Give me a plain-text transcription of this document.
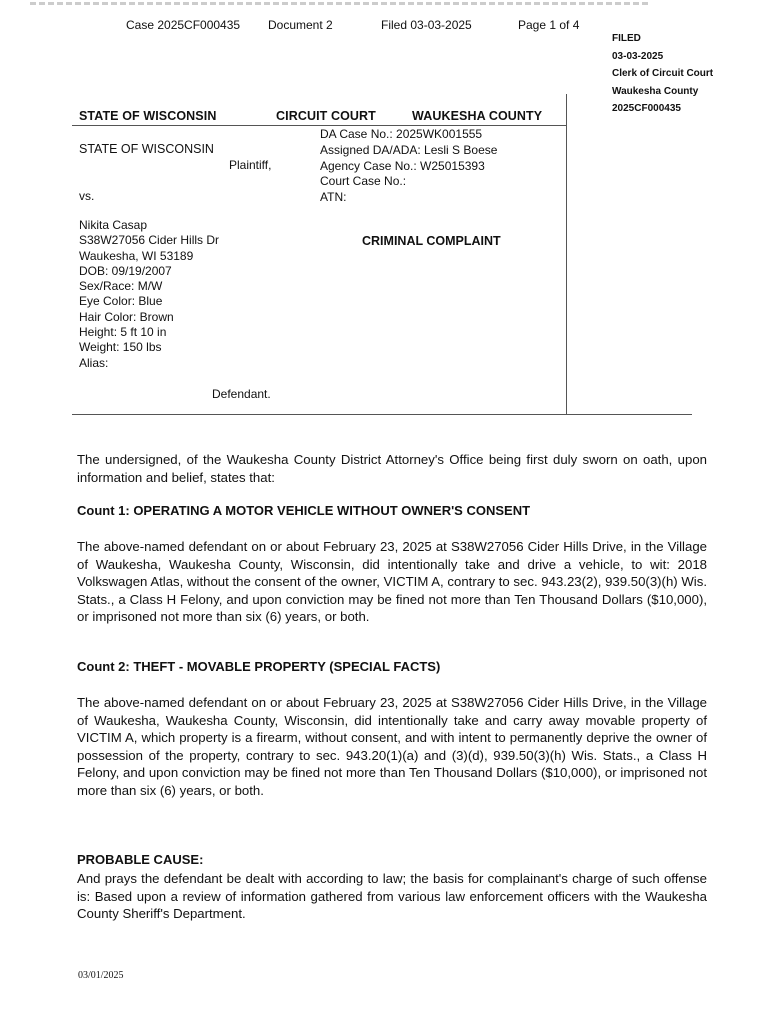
Case 2025CF000435 Document 2	Filed 03-03-2025	Page 1 of 4
FILED
03-03-2025
Clerk of Circuit Court
Waukesha County
2025CF000435
STATE OF WISCONSIN	CIRCUIT COURT	WAUKESHA COUNTY
STATE OF WISCONSIN
Plaintiff,
vs.
DA Case No.: 2025WK001555
Assigned DA/ADA: Lesli S Boese
Agency Case No.: W25015393
Court Case No.:
ATN:
CRIMINAL COMPLAINT
Nikita Casap
S38W27056 Cider Hills Dr
Waukesha, WI 53189
DOB: 09/19/2007
Sex/Race: M/W
Eye Color: Blue
Hair Color: Brown
Height: 5 ft 10 in
Weight: 150 lbs
Alias:
Defendant.
The undersigned, of the Waukesha County District Attorney's Office being first duly sworn on oath, upon information and belief, states that:
Count 1: OPERATING A MOTOR VEHICLE WITHOUT OWNER'S CONSENT
The above-named defendant on or about February 23, 2025 at S38W27056 Cider Hills Drive, in the Village of Waukesha, Waukesha County, Wisconsin, did intentionally take and drive a vehicle, to wit: 2018 Volkswagen Atlas, without the consent of the owner, VICTIM A, contrary to sec. 943.23(2), 939.50(3)(h) Wis. Stats., a Class H Felony, and upon conviction may be fined not more than Ten Thousand Dollars ($10,000), or imprisoned not more than six (6) years, or both.
Count 2: THEFT - MOVABLE PROPERTY (SPECIAL FACTS)
The above-named defendant on or about February 23, 2025 at S38W27056 Cider Hills Drive, in the Village of Waukesha, Waukesha County, Wisconsin, did intentionally take and carry away movable property of VICTIM A, which property is a firearm, without consent, and with intent to permanently deprive the owner of possession of the property, contrary to sec. 943.20(1)(a) and (3)(d), 939.50(3)(h) Wis. Stats., a Class H Felony, and upon conviction may be fined not more than Ten Thousand Dollars ($10,000), or imprisoned not more than six (6) years, or both.
PROBABLE CAUSE:
And prays the defendant be dealt with according to law; the basis for complainant's charge of such offense is: Based upon a review of information gathered from various law enforcement officers with the Waukesha County Sheriff's Department.
03/01/2025
